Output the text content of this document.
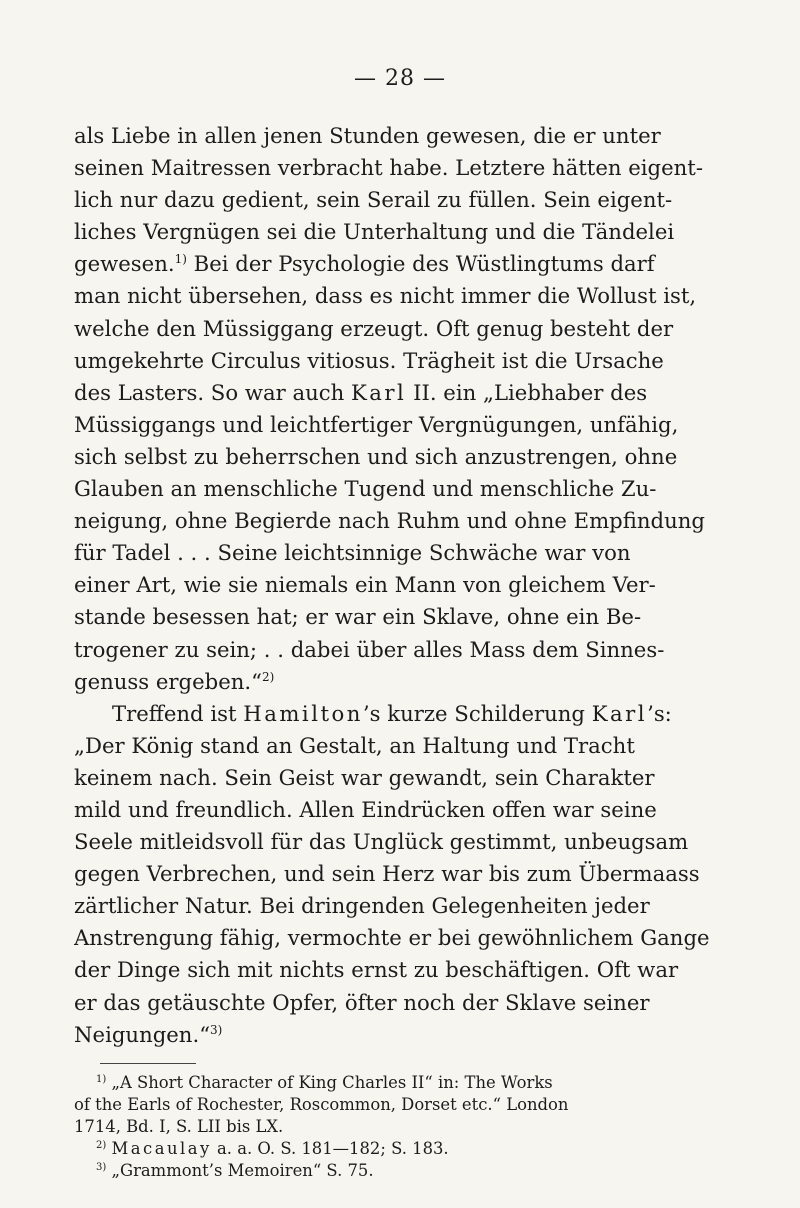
— 28 —
als Liebe in allen jenen Stunden gewesen, die er unter
seinen Maitressen verbracht habe. Letztere hätten eigent-
lich nur dazu gedient, sein Serail zu füllen. Sein eigent-
liches Vergnügen sei die Unterhaltung und die Tändelei
gewesen.$^{1)}$ Bei der Psychologie des Wüstlingtums darf
man nicht übersehen, dass es nicht immer die Wollust ist,
welche den Müssiggang erzeugt. Oft genug besteht der
umgekehrte Circulus vitiosus. Trägheit ist die Ursache
des Lasters. So war auch Karl II. ein „Liebhaber des
Müssiggangs und leichtfertiger Vergnügungen, unfähig,
sich selbst zu beherrschen und sich anzustrengen, ohne
Glauben an menschliche Tugend und menschliche Zu-
neigung, ohne Begierde nach Ruhm und ohne Empfindung
für Tadel . . . Seine leichtsinnige Schwäche war von
einer Art, wie sie niemals ein Mann von gleichem Ver-
stande besessen hat; er war ein Sklave, ohne ein Be-
trogener zu sein; . . dabei über alles Mass dem Sinnes-
genuss ergeben.“$^{2)}$
Treffend ist Hamilton’s kurze Schilderung Karl’s:
„Der König stand an Gestalt, an Haltung und Tracht
keinem nach. Sein Geist war gewandt, sein Charakter
mild und freundlich. Allen Eindrücken offen war seine
Seele mitleidsvoll für das Unglück gestimmt, unbeugsam
gegen Verbrechen, und sein Herz war bis zum Übermaass
zärtlicher Natur. Bei dringenden Gelegenheiten jeder
Anstrengung fähig, vermochte er bei gewöhnlichem Gange
der Dinge sich mit nichts ernst zu beschäftigen. Oft war
er das getäuschte Opfer, öfter noch der Sklave seiner
Neigungen.“$^{3)}$
$^{1)}$ „A Short Character of King Charles II“ in: The Works
of the Earls of Rochester, Roscommon, Dorset etc.“ London
1714, Bd. I, S. LII bis LX.
$^{2)}$ Macaulay a. a. O. S. 181—182; S. 183.
$^{3)}$ „Grammont’s Memoiren“ S. 75.
